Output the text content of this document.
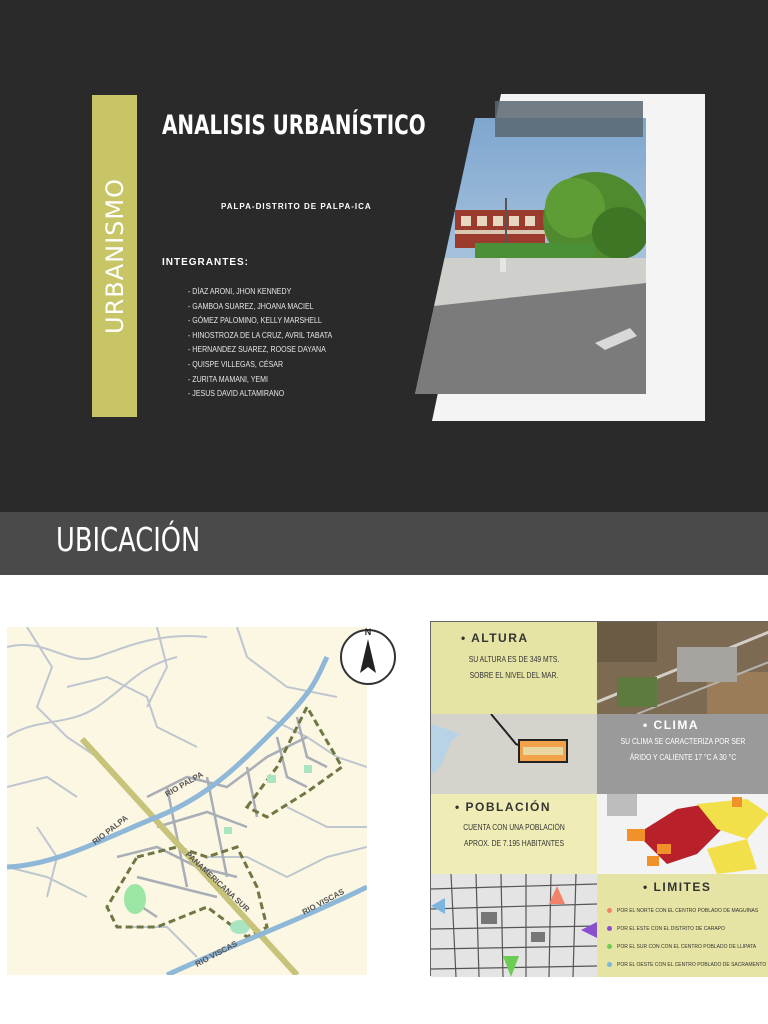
URBANISMO
ANALISIS URBANÍSTICO
PALPA-DISTRITO DE PALPA-ICA
INTEGRANTES:
- DÍAZ ARONI, JHON KENNEDY
- GAMBOA SUAREZ, JHOANA MACIEL
- GÓMEZ PALOMINO, KELLY MARSHELL
- HINOSTROZA DE LA CRUZ, AVRIL TABATA
- HERNANDEZ SUAREZ, ROOSE DAYANA
- QUISPE VILLEGAS, CÉSAR
- ZURITA MAMANI, YEMI
- JESUS DAVID ALTAMIRANO
UBICACIÓN
RIO PALPA
RIO PALPA
PANAMERICANA SUR	RIO VISCAS
RIO VISCAS
N	• ALTURA
SU ALTURA ES DE 349 MTS.
SOBRE EL NIVEL DEL MAR.
• CLIMA
SU CLIMA SE CARACTERIZA POR SER
ÁRIDO Y CALIENTE 17 °C A 30 °C
• POBLACIÓN
CUENTA CON UNA POBLACIÓN
APROX. DE 7.195 HABITANTES
• LIMITES
POR EL NORTE CON EL CENTRO POBLADO DE MAGUINAS
POR EL ESTE CON EL DISTRITO DE CARAPO
POR EL SUR CON CON EL CENTRO POBLADO DE LLIPATA
POR EL OESTE CON EL CENTRO POBLADO DE SACRAMENTO
